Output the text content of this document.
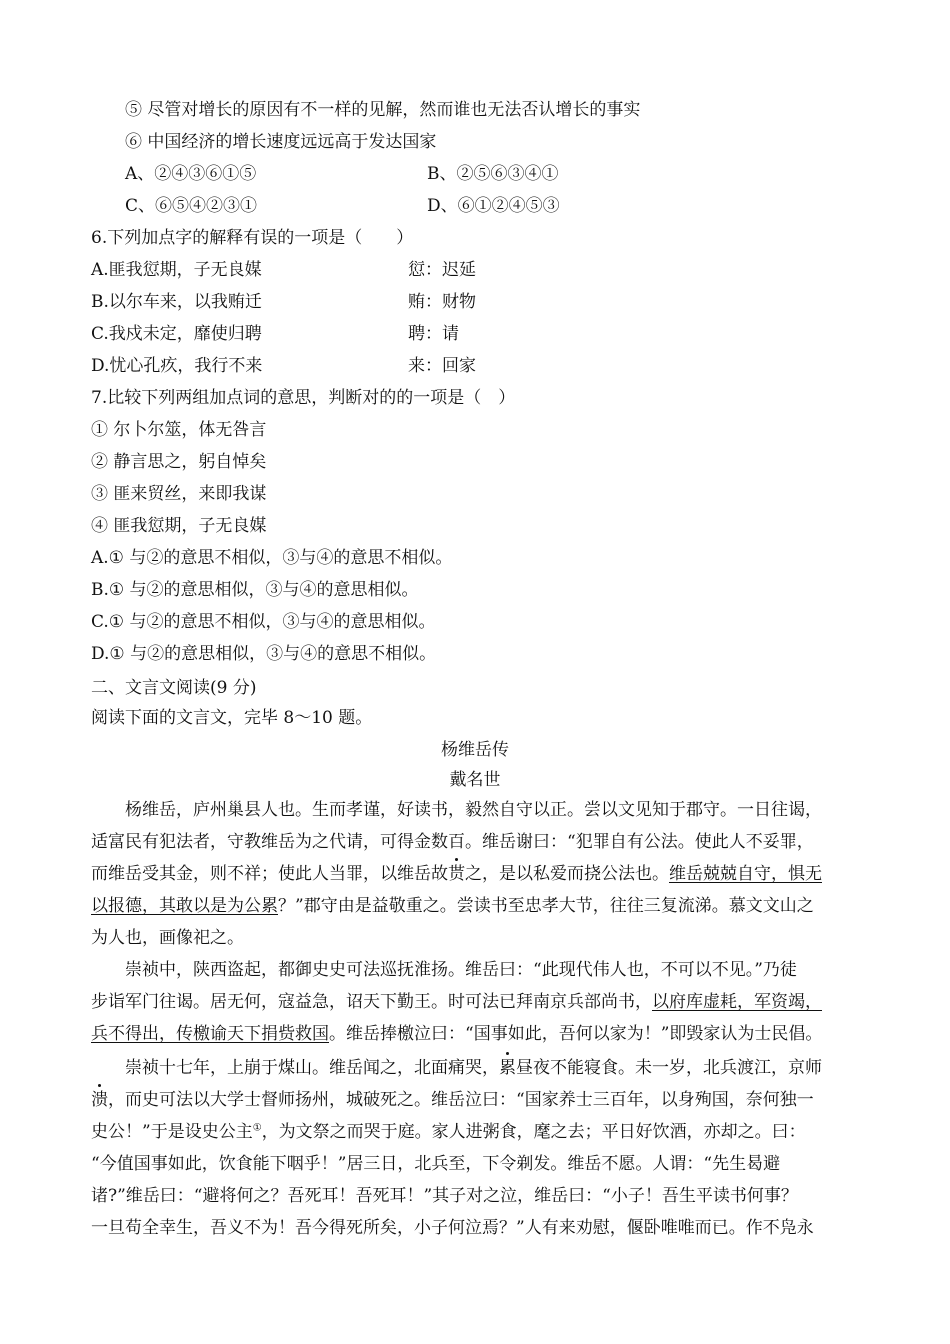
⑤ 尽管对增长的原因有不一样的见解，然而谁也无法否认增长的事实
⑥ 中国经济的增长速度远远高于发达国家
A、②④③⑥①⑤	B、②⑤⑥③④①
C、⑥⑤④②③①	D、⑥①②④⑤③
6.下列加点字的解释有误的一项是（　　）
A.匪我愆期，子无良媒	愆：迟延
B.以尔车来，以我贿迁	贿：财物
C.我戍未定，靡使归聘	聘：请
D.忧心孔疚，我行不来	来：回家
7.比较下列两组加点词的意思，判断对的的一项是（　）
① 尔卜尔筮，体无咎言
② 静言思之，躬自悼矣
③ 匪来贸丝，来即我谋
④ 匪我愆期，子无良媒
A.① 与②的意思不相似，③与④的意思不相似。
B.① 与②的意思相似，③与④的意思相似。
C.① 与②的意思不相似，③与④的意思相似。
D.① 与②的意思相似，③与④的意思不相似。
二、文言文阅读(9 分)
阅读下面的文言文，完毕 8～10 题。
杨维岳传
戴名世
杨维岳，庐州巢县人也。生而孝谨，好读书，毅然自守以正。尝以文见知于郡守。一日往谒，
适富民有犯法者，守教维岳为之代请，可得金数百。维岳谢曰：“犯罪自有公法。使此人不妥罪，
而维岳受其金，则不祥；使此人当罪，以维岳故贳之，是以私爱而挠公法也。维岳兢兢自守，惧无
以报德，其敢以是为公累？”郡守由是益敬重之。尝读书至忠孝大节，往往三复流涕。慕文文山之
为人也，画像祀之。
崇祯中，陕西盗起，都御史史可法巡抚淮扬。维岳曰：“此现代伟人也，不可以不见。”乃徒
步诣军门往谒。居无何，寇益急，诏天下勤王。时可法已拜南京兵部尚书，以府库虚耗，军资竭，
兵不得出，传檄谕天下捐赀救国。维岳捧檄泣曰：“国事如此，吾何以家为！”即毁家认为士民倡。
崇祯十七年，上崩于煤山。维岳闻之，北面痛哭，累昼夜不能寝食。未一岁，北兵渡江，京师
溃，而史可法以大学士督师扬州，城破死之。维岳泣曰：“国家养士三百年，以身殉国，奈何独一
史公！”于是设史公主①，为文祭之而哭于庭。家人进粥食，麾之去；平日好饮酒，亦却之。曰：
“今值国事如此，饮食能下咽乎！”居三日，北兵至，下令剃发。维岳不愿。人谓：“先生曷避
诸?”维岳曰：“避将何之？吾死耳！吾死耳！”其子对之泣，维岳曰：“小子！吾生平读书何事？
一旦苟全幸生，吾义不为！吾今得死所矣，小子何泣焉？”人有来劝慰，偃卧唯唯而已。作不凫永
